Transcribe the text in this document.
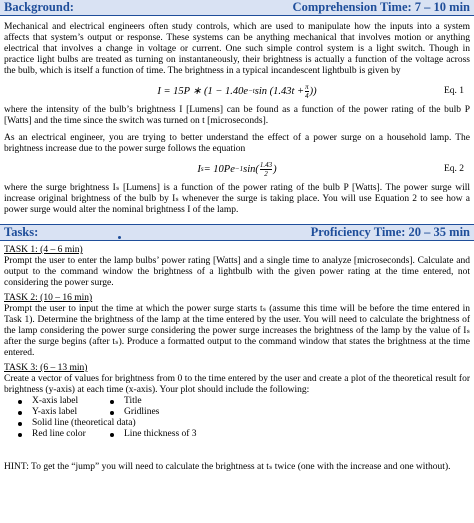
Background:	Comprehension Time: 7 – 10 min

Mechanical and electrical engineers often study controls, which are used to manipulate how the inputs into a system affects that system’s output or response. These systems can be anything mechanical that involves motion or anything electrical that involves a change in voltage or current. One such simple control system is a light switch. Though in practice light bulbs are treated as turning on instantaneously, their brightness is actually a function of the voltage across the bulb, which is itself a function of time. The brightness in a typical incandescent lightbulb is given by

I = 15P ∗ (1 − 1.40e −t $\sin (1.43t + \frac{\pi}{4}$ ))	Eq. 1

where the intensity of the bulb’s brightness I [Lumens] can be found as a function of the power rating of the bulb P [Watts] and the time since the switch was turned on t [microseconds].

As an electrical engineer, you are trying to better understand the effect of a power surge on a household lamp. The brightness increase due to the power surge follows the equation

I s = 10Pe −1 sin ( $\frac{1.43}{2}$ )	Eq. 2

where the surge brightness Iₛ [Lumens] is a function of the power rating of the bulb P [Watts]. The power surge will increase original brightness of the bulb by Iₛ whenever the surge is taking place. You will use Equation 2 to see how a power surge would alter the nominal brightness I of the lamp.

Tasks:	Proficiency Time: 20 – 35 min
TASK 1: (4 – 6 min)

Prompt the user to enter the lamp bulbs’ power rating [Watts] and a single time to analyze [microseconds]. Calculate and output to the command window the brightness of a lightbulb with the given power rating at the time entered, not considering the power surge.

TASK 2: (10 – 16 min)

Prompt the user to input the time at which the power surge starts tₛ (assume this time will be before the time entered in Task 1). Determine the brightness of the lamp at the time entered by the user. You will need to calculate the brightness of the lamp considering the power surge considering the power surge increases the brightness of the lamp by the value of Iₛ after the surge begins (after tₛ). Produce a formatted output to the command window that states the brightness at the time entered.

TASK 3: (6 – 13 min)

Create a vector of values for brightness from 0 to the time entered by the user and create a plot of the theoretical result for brightness (y-axis) at each time (x-axis). Your plot should include the following:

X-axis label	Title
Y-axis label	Gridlines
Solid line (theoretical data)
Red line color	Line thickness of 3

HINT: To get the “jump” you will need to calculate the brightness at tₛ twice (one with the increase and one without).
